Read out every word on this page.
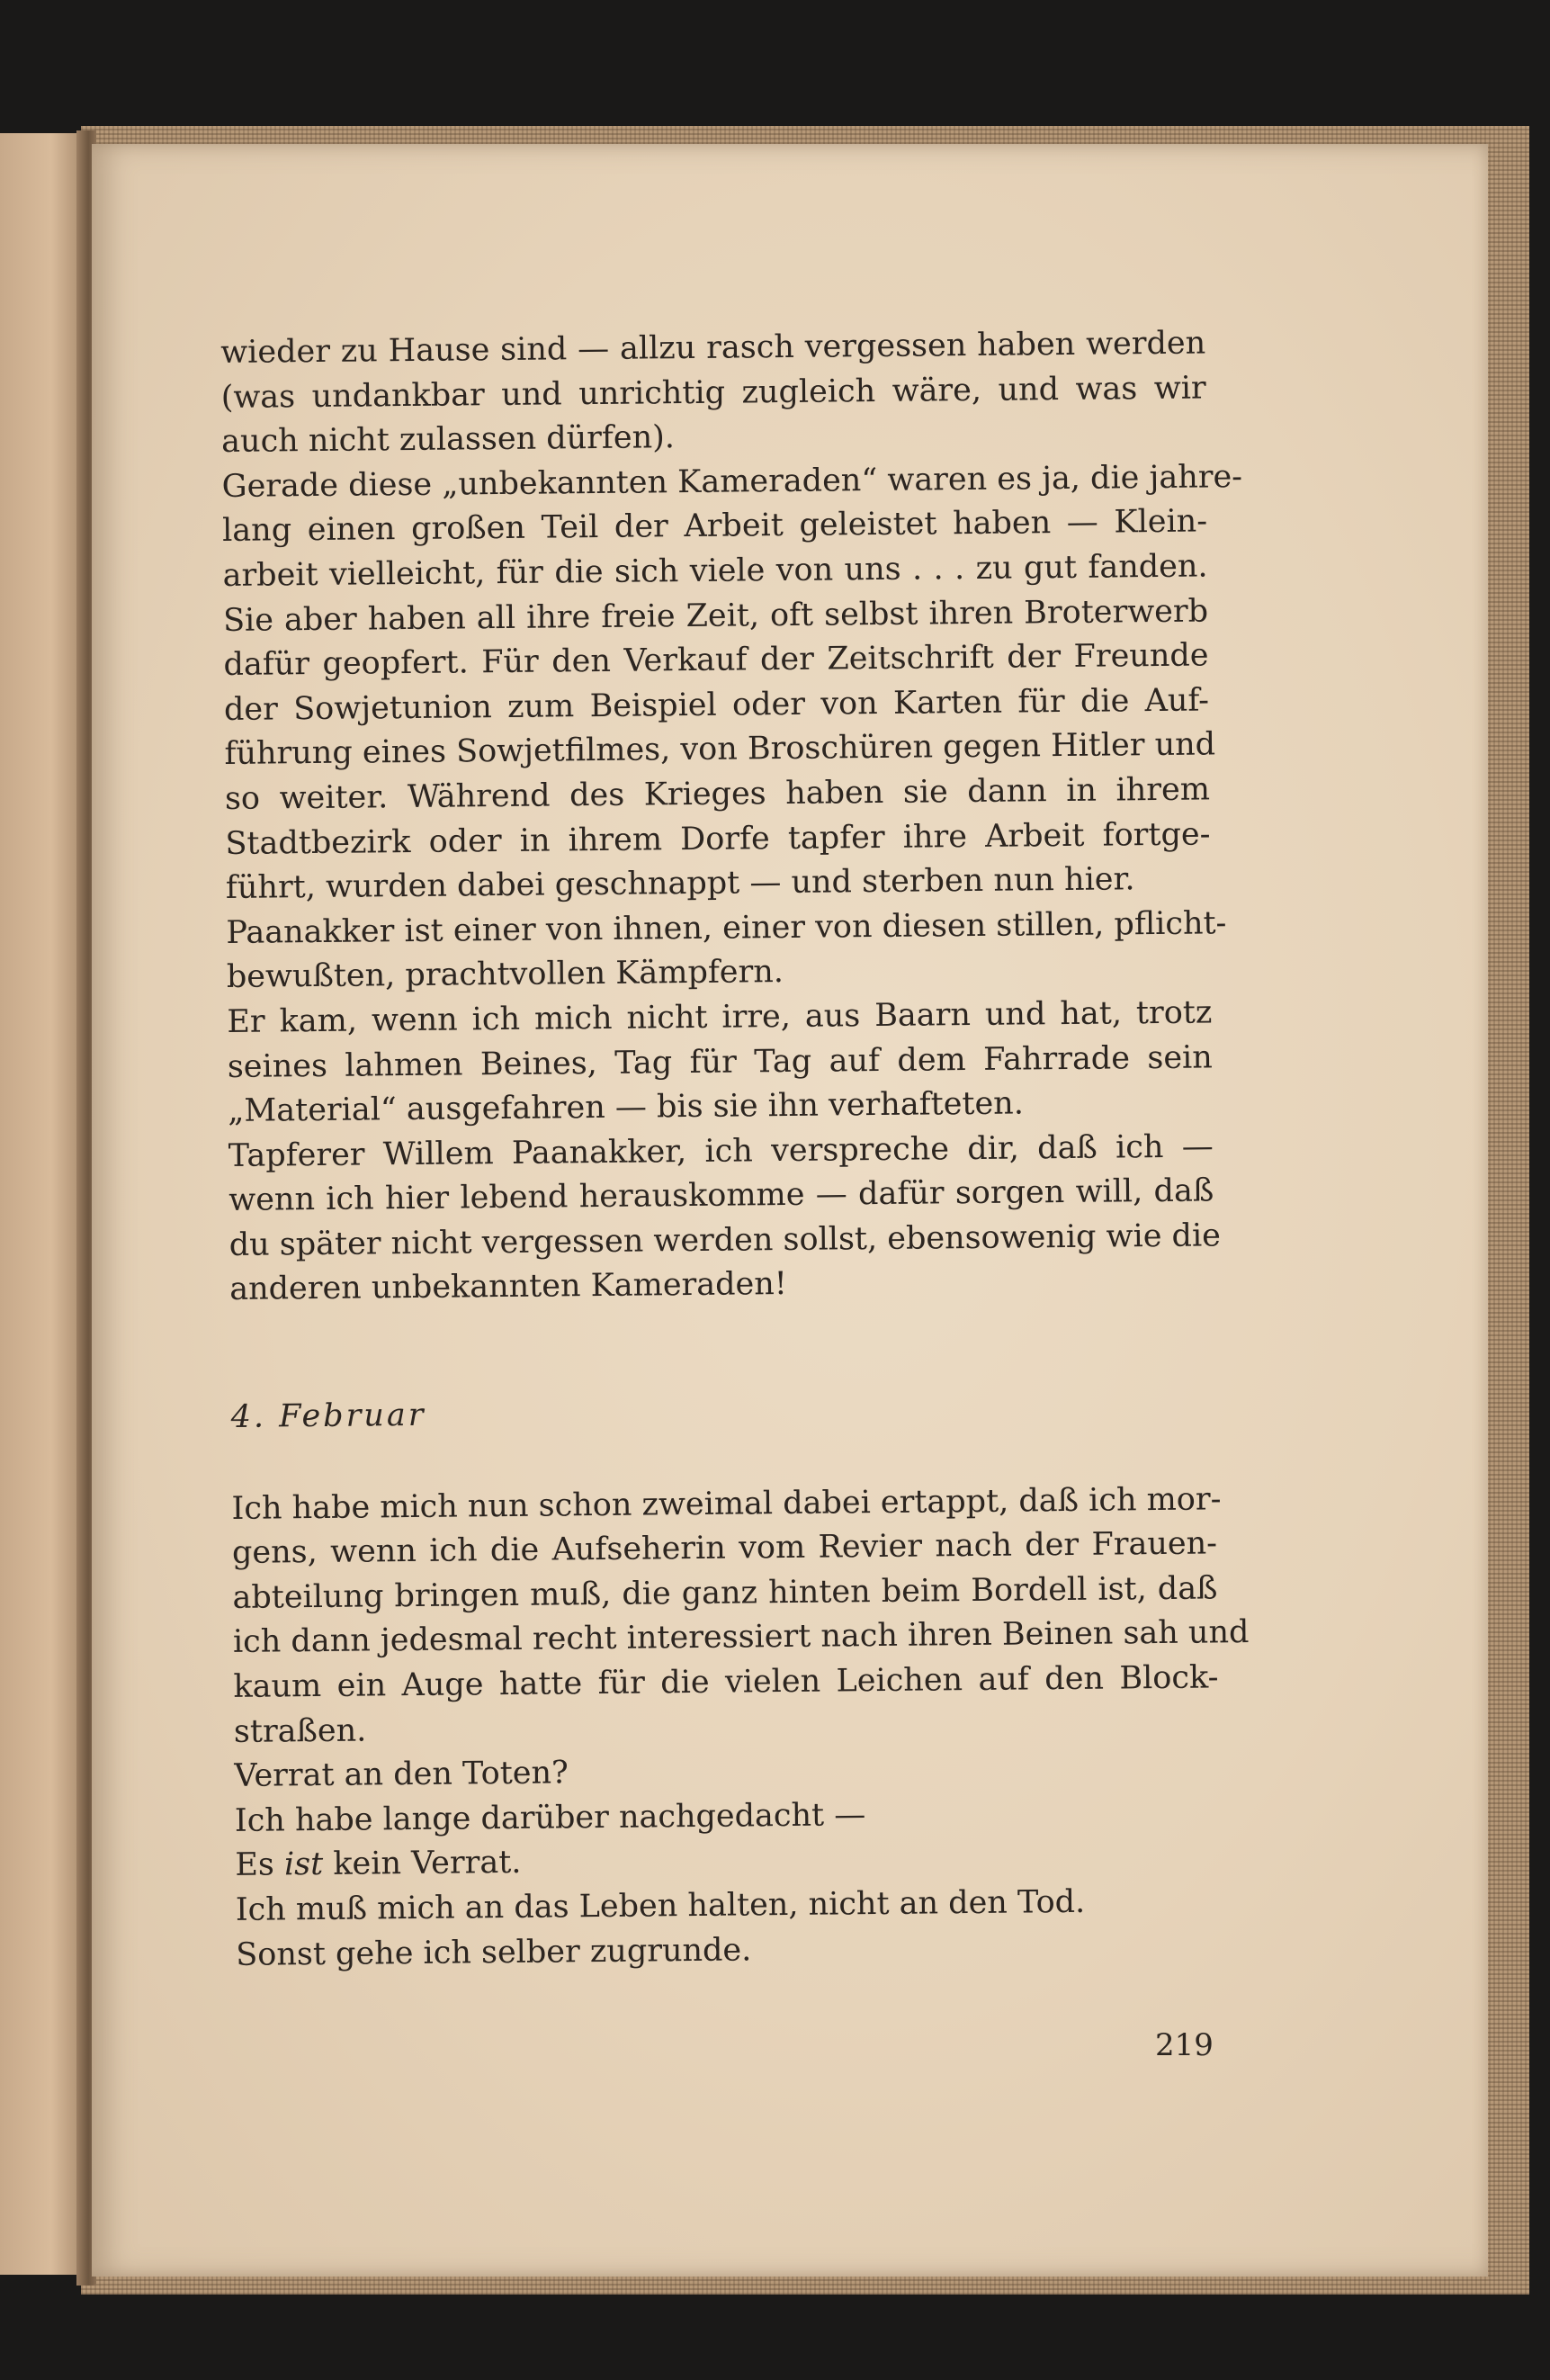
wieder zu Hause sind — allzu rasch vergessen haben werden
(was undankbar und unrichtig zugleich wäre, und was wir
auch nicht zulassen dürfen).
Gerade diese „unbekannten Kameraden“ waren es ja, die jahre-
lang einen großen Teil der Arbeit geleistet haben — Klein-
arbeit vielleicht, für die sich viele von uns . . . zu gut fanden.
Sie aber haben all ihre freie Zeit, oft selbst ihren Broterwerb
dafür geopfert. Für den Verkauf der Zeitschrift der Freunde
der Sowjetunion zum Beispiel oder von Karten für die Auf-
führung eines Sowjetfilmes, von Broschüren gegen Hitler und
so weiter. Während des Krieges haben sie dann in ihrem
Stadtbezirk oder in ihrem Dorfe tapfer ihre Arbeit fortge-
führt, wurden dabei geschnappt — und sterben nun hier.
Paanakker ist einer von ihnen, einer von diesen stillen, pflicht-
bewußten, prachtvollen Kämpfern.
Er kam, wenn ich mich nicht irre, aus Baarn und hat, trotz
seines lahmen Beines, Tag für Tag auf dem Fahrrade sein
„Material“ ausgefahren — bis sie ihn verhafteten.
Tapferer Willem Paanakker, ich verspreche dir, daß ich —
wenn ich hier lebend herauskomme — dafür sorgen will, daß
du später nicht vergessen werden sollst, ebensowenig wie die
anderen unbekannten Kameraden!
4. Februar
Ich habe mich nun schon zweimal dabei ertappt, daß ich mor-
gens, wenn ich die Aufseherin vom Revier nach der Frauen-
abteilung bringen muß, die ganz hinten beim Bordell ist, daß
ich dann jedesmal recht interessiert nach ihren Beinen sah und
kaum ein Auge hatte für die vielen Leichen auf den Block-
straßen.
Verrat an den Toten?
Ich habe lange darüber nachgedacht —
Es ist kein Verrat.
Ich muß mich an das Leben halten, nicht an den Tod.
Sonst gehe ich selber zugrunde.
219
